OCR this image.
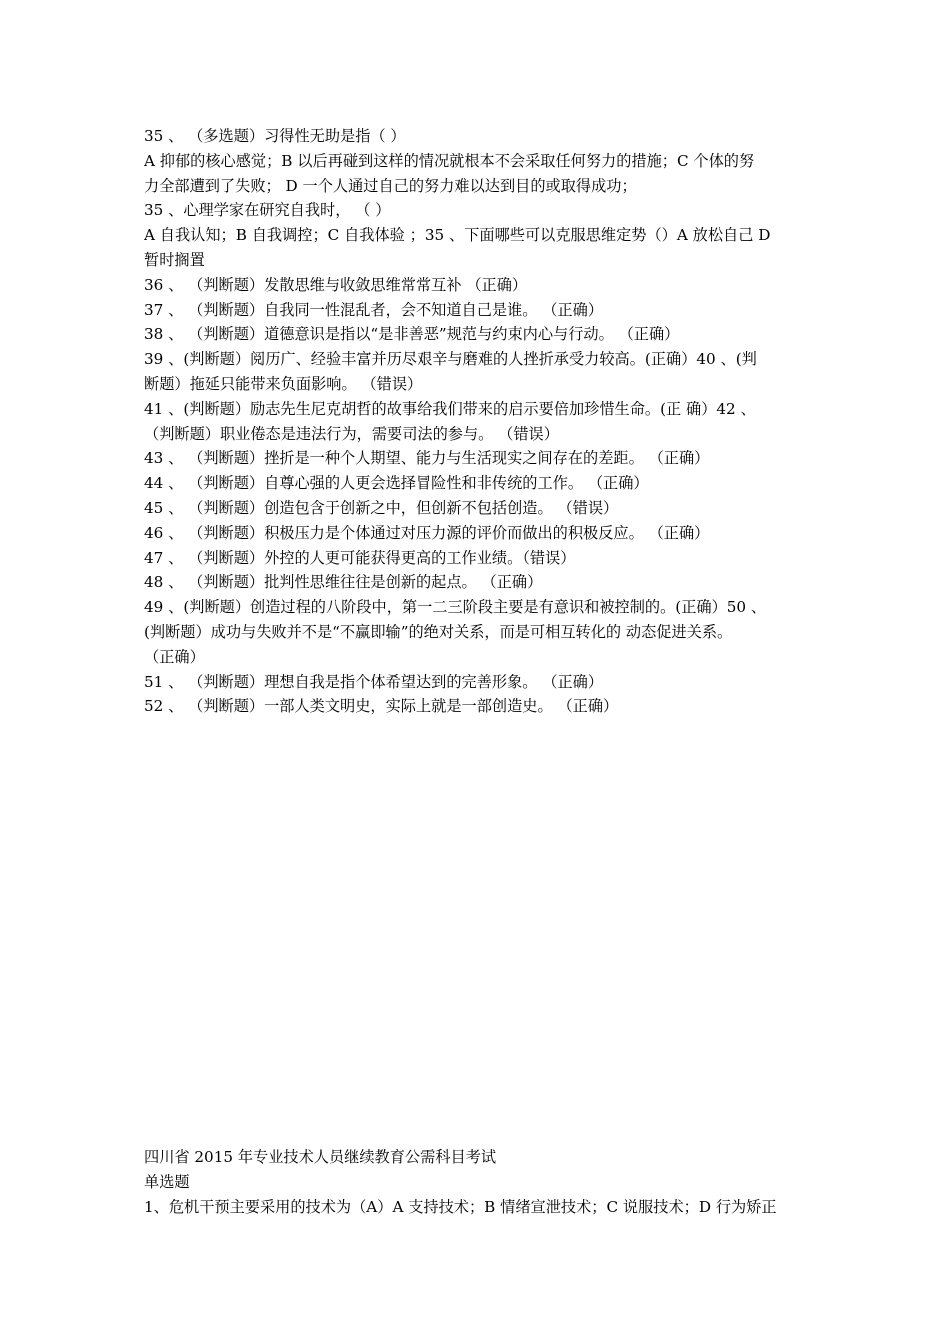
35 、 （多选题）习得性无助是指（ ）
A 抑郁的核心感觉；B 以后再碰到这样的情况就根本不会采取任何努力的措施；C 个体的努
力全部遭到了失败； D 一个人通过自己的努力难以达到目的或取得成功；
35 、心理学家在研究自我时， （ ）
A 自我认知；B 自我调控；C 自我体验 ；35 、下面哪些可以克服思维定势（）A 放松自己 D
暂时搁置
36 、 （判断题）发散思维与收敛思维常常互补 （正确）
37 、 （判断题）自我同一性混乱者，会不知道自己是谁。 （正确）
38 、 （判断题）道德意识是指以“是非善恶”规范与约束内心与行动。 （正确）
39 、(判断题）阅历广、经验丰富并历尽艰辛与磨难的人挫折承受力较高。(正确）40 、(判
断题）拖延只能带来负面影响。 （错误）
41 、(判断题）励志先生尼克胡哲的故事给我们带来的启示要倍加珍惜生命。(正 确）42 、
（判断题）职业倦态是违法行为，需要司法的参与。 （错误）
43 、 （判断题）挫折是一种个人期望、能力与生活现实之间存在的差距。 （正确）
44 、 （判断题）自尊心强的人更会选择冒险性和非传统的工作。 （正确）
45 、 （判断题）创造包含于创新之中，但创新不包括创造。 （错误）
46 、 （判断题）积极压力是个体通过对压力源的评价而做出的积极反应。 （正确）
47 、 （判断题）外控的人更可能获得更高的工作业绩。（错误）
48 、 （判断题）批判性思维往往是创新的起点。 （正确）
49 、(判断题）创造过程的八阶段中，第一二三阶段主要是有意识和被控制的。(正确）50 、
(判断题）成功与失败并不是“不赢即输”的绝对关系，而是可相互转化的 动态促进关系。
（正确）
51 、 （判断题）理想自我是指个体希望达到的完善形象。 （正确）
52 、 （判断题）一部人类文明史，实际上就是一部创造史。 （正确）
四川省 2015 年专业技术人员继续教育公需科目考试
单选题
1、危机干预主要采用的技术为（A）A 支持技术；B 情绪宣泄技术；C 说服技术；D 行为矫正
